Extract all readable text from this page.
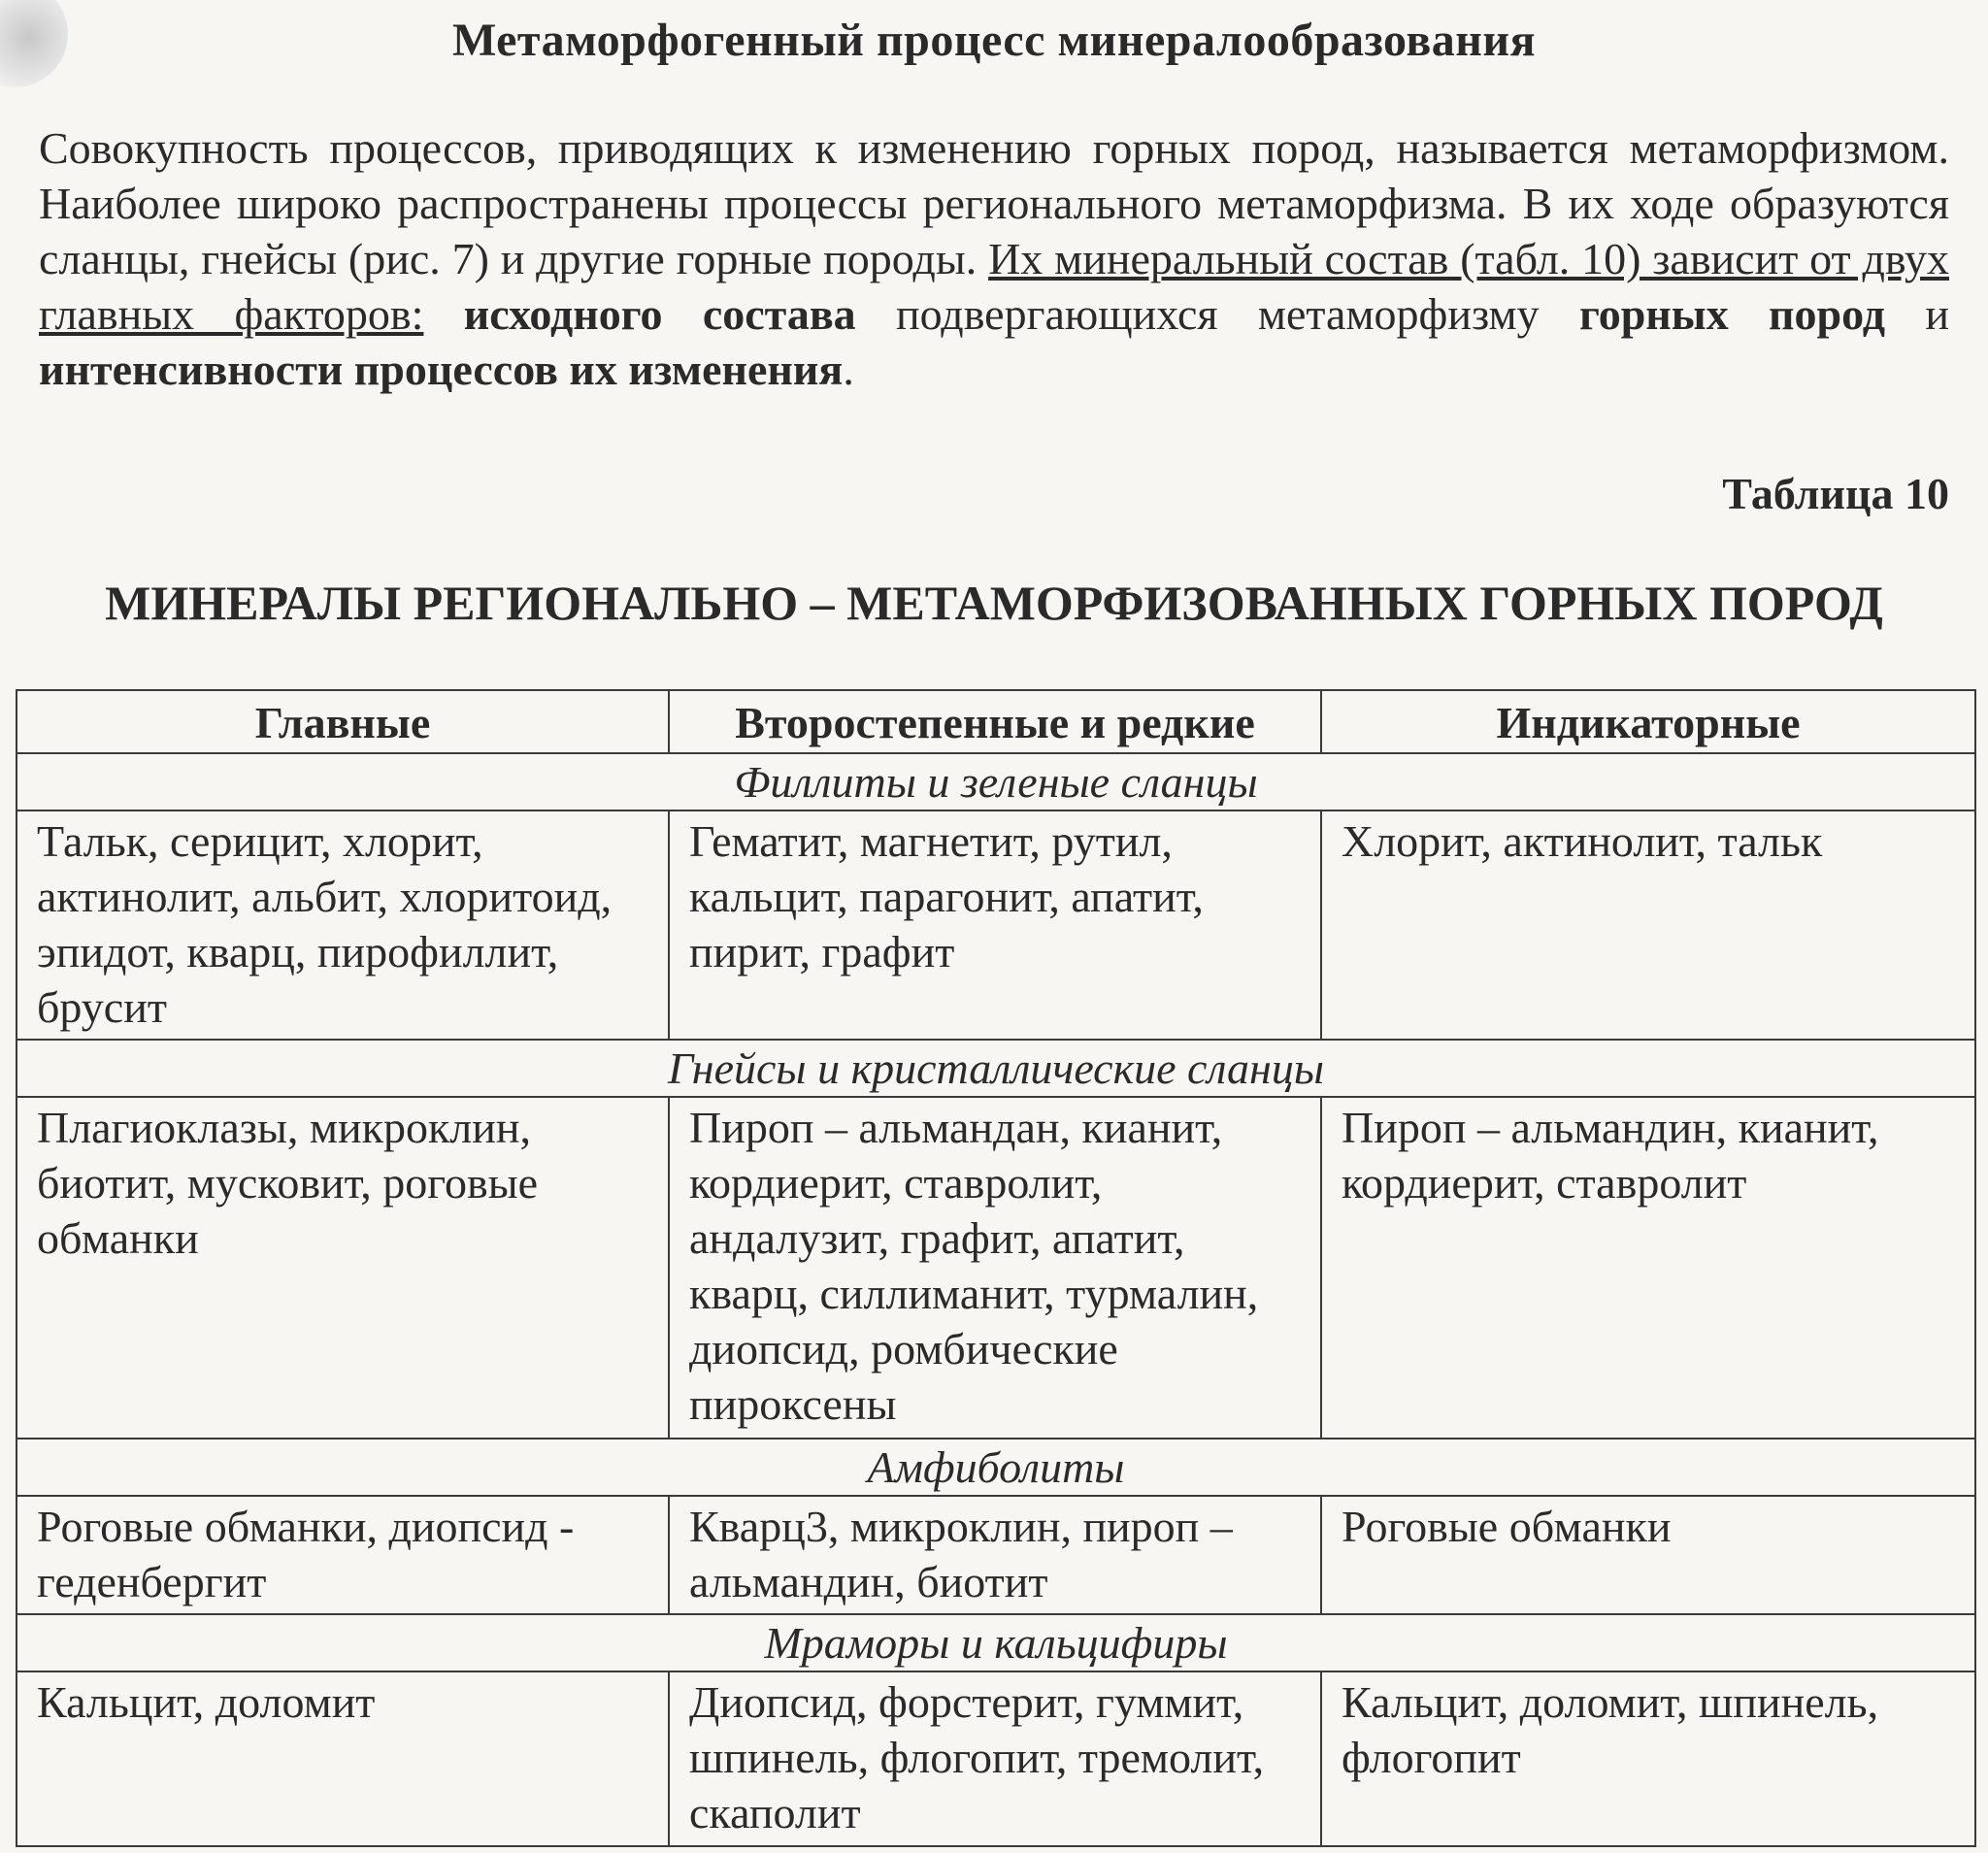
Метаморфогенный процесс минералообразования
Совокупность процессов, приводящих к изменению горных пород, называется метаморфизмом. Наиболее широко распространены процессы регионального метаморфизма. В их ходе образуются сланцы, гнейсы (рис. 7) и другие горные породы. Их минеральный состав (табл. 10) зависит от двух главных факторов: исходного состава подвергающихся метаморфизму горных пород и интенсивности процессов их изменения.
Таблица 10
МИНЕРАЛЫ РЕГИОНАЛЬНО – МЕТАМОРФИЗОВАННЫХ ГОРНЫХ ПОРОД
Главные	Второстепенные и редкие	Индикаторные
Филлиты и зеленые сланцы		
Тальк, серицит, хлорит, актинолит, альбит, хлоритоид, эпидот, кварц, пирофиллит, брусит	Гематит, магнетит, рутил, кальцит, парагонит, апатит, пирит, графит	Хлорит, актинолит, тальк
Гнейсы и кристаллические сланцы		
Плагиоклазы, микроклин, биотит, мусковит, роговые обманки	Пироп – альмандан, кианит, кордиерит, ставролит, андалузит, графит, апатит, кварц, силлиманит, турмалин, диопсид, ромбические пироксены	Пироп – альмандин, кианит, кордиерит, ставролит
Амфиболиты		
Роговые обманки, диопсид - геденбергит	Кварц3, микроклин, пироп – альмандин, биотит	Роговые обманки
Мраморы и кальцифиры		
Кальцит, доломит	Диопсид, форстерит, гуммит, шпинель, флогопит, тремолит, скаполит	Кальцит, доломит, шпинель, флогопит
